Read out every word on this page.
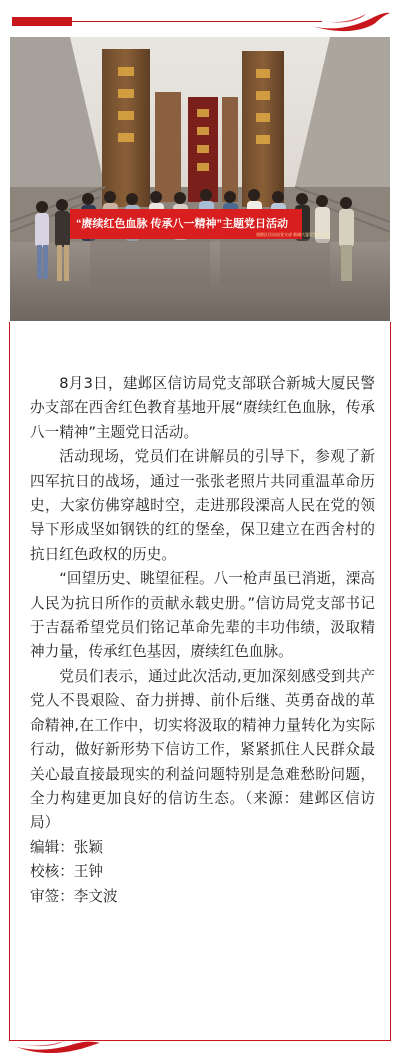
“赓续红色血脉 传承八一精神”主题党日活动
建邺区信访局党支部 新城大厦民警办支部

8月3日，建邺区信访局党支部联合新城大厦民警办支部在西舍红色教育基地开展“赓续红色血脉，传承八一精神”主题党日活动。

活动现场，党员们在讲解员的引导下，参观了新四军抗日的战场，通过一张张老照片共同重温革命历史，大家仿佛穿越时空，走进那段溧高人民在党的领导下形成坚如钢铁的红的堡垒，保卫建立在西舍村的抗日红色政权的历史。

“回望历史、眺望征程。八一枪声虽已消逝，溧高人民为抗日所作的贡献永载史册。”信访局党支部书记于吉磊希望党员们铭记革命先辈的丰功伟绩，汲取精神力量，传承红色基因，赓续红色血脉。

党员们表示，通过此次活动,更加深刻感受到共产党人不畏艰险、奋力拼搏、前仆后继、英勇奋战的革命精神,在工作中，切实将汲取的精神力量转化为实际行动，做好新形势下信访工作，紧紧抓住人民群众最关心最直接最现实的利益问题特别是急难愁盼问题，全力构建更加良好的信访生态。（来源：建邺区信访局）

编辑：张颖

校核：王钟

审签：李文波
